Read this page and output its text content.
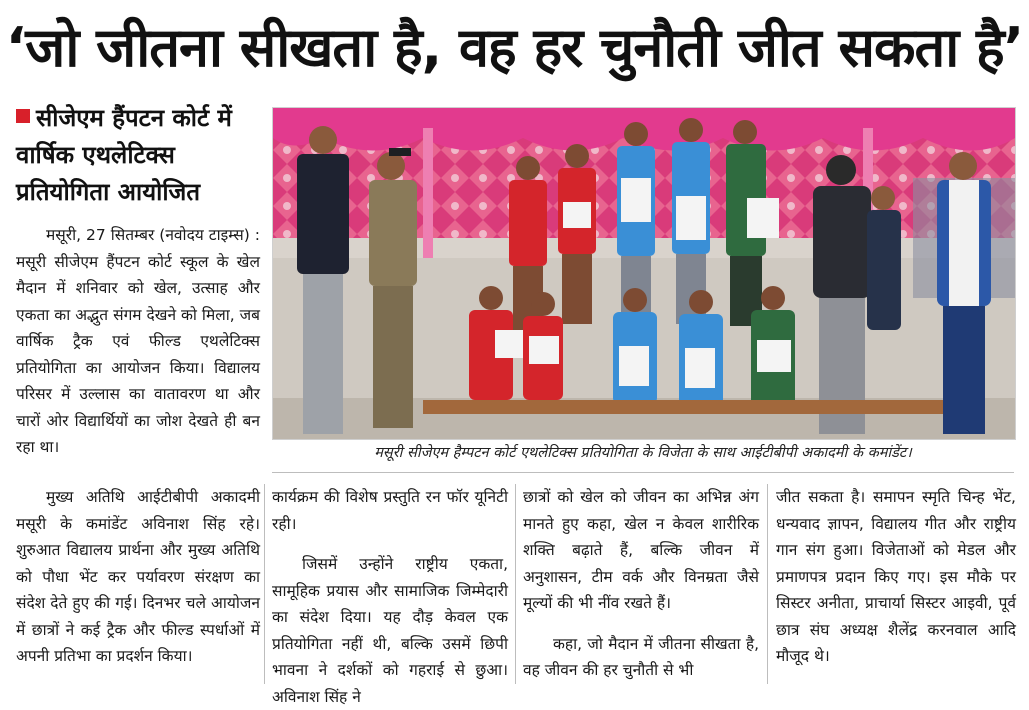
‘जो जीतना सीखता है, वह हर चुनौती जीत सकता है’
सीजेएम हैंपटन कोर्ट में वार्षिक एथलेटिक्स प्रतियोगिता आयोजित

मसूरी, 27 सितम्बर (नवोदय टाइम्स) : मसूरी सीजेएम हैंपटन कोर्ट स्कूल के खेल मैदान में शनिवार को खेल, उत्साह और एकता का अद्भुत संगम देखने को मिला, जब वार्षिक ट्रैक एवं फील्ड एथलेटिक्स प्रतियोगिता का आयोजन किया। विद्यालय परिसर में उल्लास का वातावरण था और चारों ओर विद्यार्थियों का जोश देखते ही बन रहा था।

मुख्य अतिथि आईटीबीपी अकादमी मसूरी के कमांडेंट अविनाश सिंह रहे। शुरुआत विद्यालय प्रार्थना और मुख्य अतिथि को पौधा भेंट कर पर्यावरण संरक्षण का संदेश देते हुए की गई। दिनभर चले आयोजन में छात्रों ने कई ट्रैक और फील्ड स्पर्धाओं में अपनी प्रतिभा का प्रदर्शन किया।

कार्यक्रम की विशेष प्रस्तुति रन फॉर यूनिटी रही।

जिसमें उन्होंने राष्ट्रीय एकता, सामूहिक प्रयास और सामाजिक जिम्मेदारी का संदेश दिया। यह दौड़ केवल एक प्रतियोगिता नहीं थी, बल्कि उसमें छिपी भावना ने दर्शकों को गहराई से छुआ। अविनाश सिंह ने

छात्रों को खेल को जीवन का अभिन्न अंग मानते हुए कहा, खेल न केवल शारीरिक शक्ति बढ़ाते हैं, बल्कि जीवन में अनुशासन, टीम वर्क और विनम्रता जैसे मूल्यों की भी नींव रखते हैं।

कहा, जो मैदान में जीतना सीखता है, वह जीवन की हर चुनौती से भी

जीत सकता है। समापन स्मृति चिन्ह भेंट, धन्यवाद ज्ञापन, विद्यालय गीत और राष्ट्रीय गान संग हुआ। विजेताओं को मेडल और प्रमाणपत्र प्रदान किए गए। इस मौके पर सिस्टर अनीता, प्राचार्या सिस्टर आइवी, पूर्व छात्र संघ अध्यक्ष शैलेंद्र करनवाल आदि मौजूद थे।

मसूरी सीजेएम हैम्पटन कोर्ट एथलेटिक्स प्रतियोगिता के विजेता के साथ आईटीबीपी अकादमी के कमांडेंट।
